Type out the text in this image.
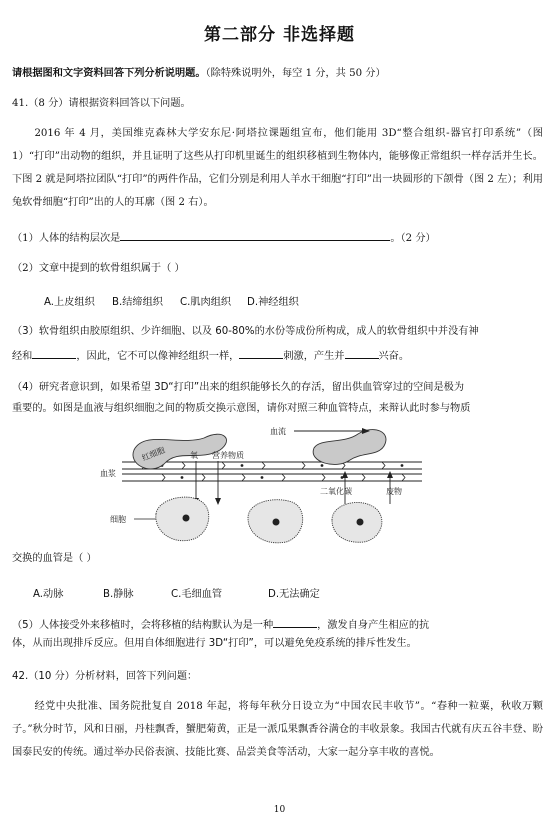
第二部分 非选择题
请根据图和文字资料回答下列分析说明题。（除特殊说明外，每空 1 分，共 50 分）
41.（8 分）请根据资料回答以下问题。
2016 年 4 月，美国维克森林大学安东尼·阿塔拉课题组宣布，他们能用 3D“整合组织-器官打印系统”（图 1）“打印”出动物的组织，并且证明了这些从打印机里诞生的组织移植到生物体内，能够像正常组织一样存活并生长。下图 2 就是阿塔拉团队“打印”的两件作品，它们分别是利用人羊水干细胞“打印”出一块圆形的下颌骨（图 2 左）；利用兔软骨细胞“打印”出的人的耳廓（图 2 右）。
（1）人体的结构层次是	。（2 分）
（2）文章中提到的软骨组织属于（ ）
A.上皮组织 B.结缔组织 C.肌肉组织 D.神经组织
（3）软骨组织由胶原组织、少许细胞、以及 60-80%的水份等成份所构成，成人的软骨组织中并没有神
经和	，因此，它不可以像神经组织一样，	刺激，产生并	兴奋。
（4）研究者意识到，如果希望 3D“打印”出来的组织能够长久的存活，留出供血管穿过的空间是极为
重要的。如图是血液与组织细胞之间的物质交换示意图，请你对照三种血管特点，来辩认此时参与物质
红细胞
血流
血浆
氧 营养物质
二氧化碳	废物
细胞
交换的血管是（ ）
A.动脉	B.静脉	C.毛细血管	D.无法确定
（5）人体接受外来移植时，会将移植的结构默认为是一种	，激发自身产生相应的抗
体，从而出现排斥反应。但用自体细胞进行 3D“打印”，可以避免免疫系统的排斥性发生。
42.（10 分）分析材料，回答下列问题：
经党中央批准、国务院批复自 2018 年起，将每年秋分日设立为“中国农民丰收节”。“春种一粒粟，秋收万颗子。”秋分时节，风和日丽，丹桂飘香，蟹肥菊黄，正是一派瓜果飘香谷满仓的丰收景象。我国古代就有庆五谷丰登、盼国泰民安的传统。通过举办民俗表演、技能比赛、品尝美食等活动，大家一起分享丰收的喜悦。
10
